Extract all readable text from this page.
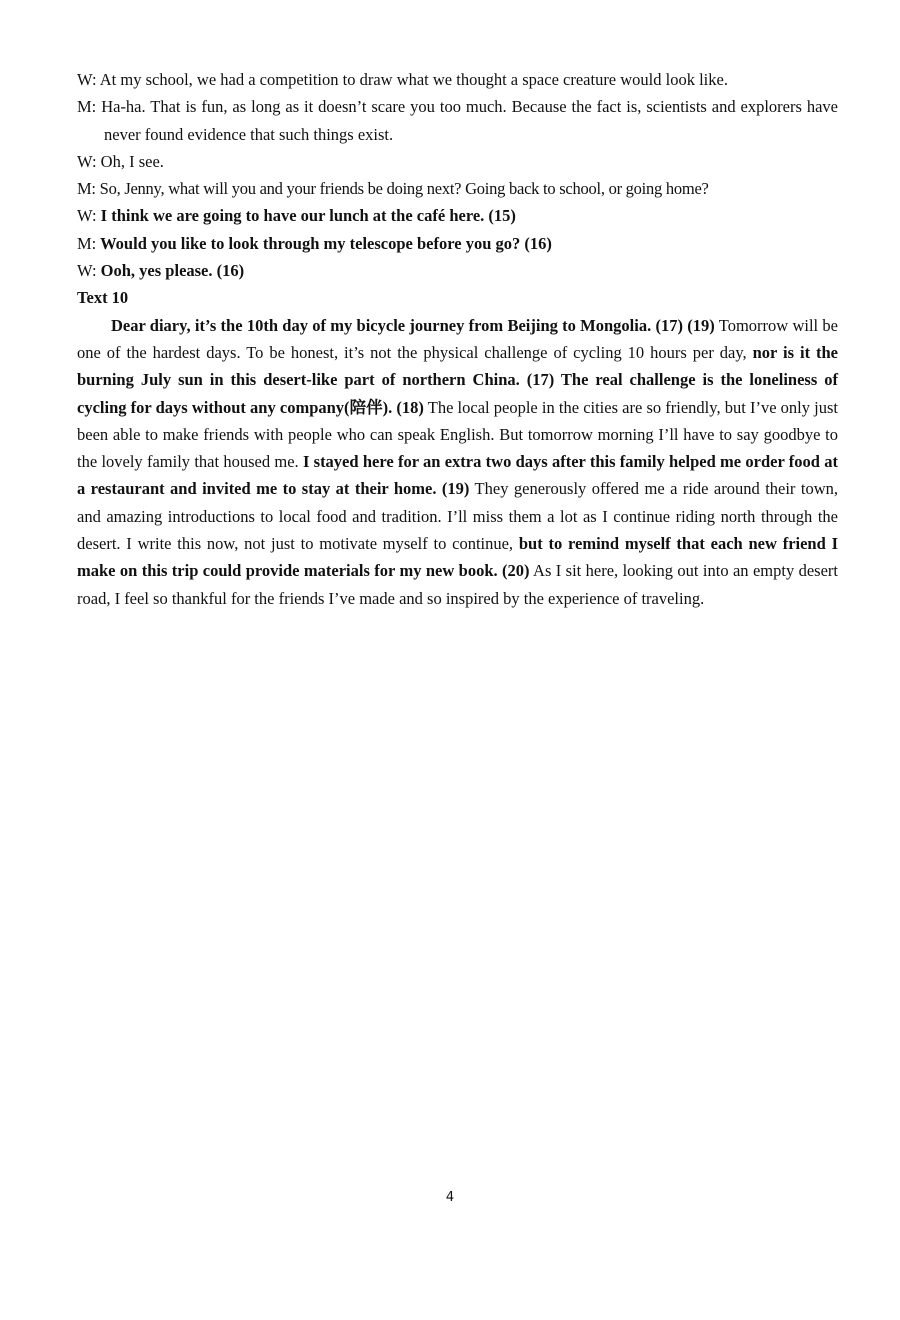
W: At my school, we had a competition to draw what we thought a space creature would look like.
M: Ha-ha. That is fun, as long as it doesn’t scare you too much. Because the fact is, scientists and explorers have never found evidence that such things exist.
W: Oh, I see.
M: So, Jenny, what will you and your friends be doing next? Going back to school, or going home?
W: I think we are going to have our lunch at the café here. (15)
M: Would you like to look through my telescope before you go? (16)
W: Ooh, yes please. (16)
Text 10

Dear diary, it’s the 10th day of my bicycle journey from Beijing to Mongolia. (17) (19) Tomorrow will be one of the hardest days. To be honest, it’s not the physical challenge of cycling 10 hours per day, nor is it the burning July sun in this desert-like part of northern China. (17) The real challenge is the loneliness of cycling for days without any company(陪伴). (18) The local people in the cities are so friendly, but I’ve only just been able to make friends with people who can speak English. But tomorrow morning I’ll have to say goodbye to the lovely family that housed me. I stayed here for an extra two days after this family helped me order food at a restaurant and invited me to stay at their home. (19) They generously offered me a ride around their town, and amazing introductions to local food and tradition. I’ll miss them a lot as I continue riding north through the desert. I write this now, not just to motivate myself to continue, but to remind myself that each new friend I make on this trip could provide materials for my new book. (20) As I sit here, looking out into an empty desert road, I feel so thankful for the friends I’ve made and so inspired by the experience of traveling.

4
